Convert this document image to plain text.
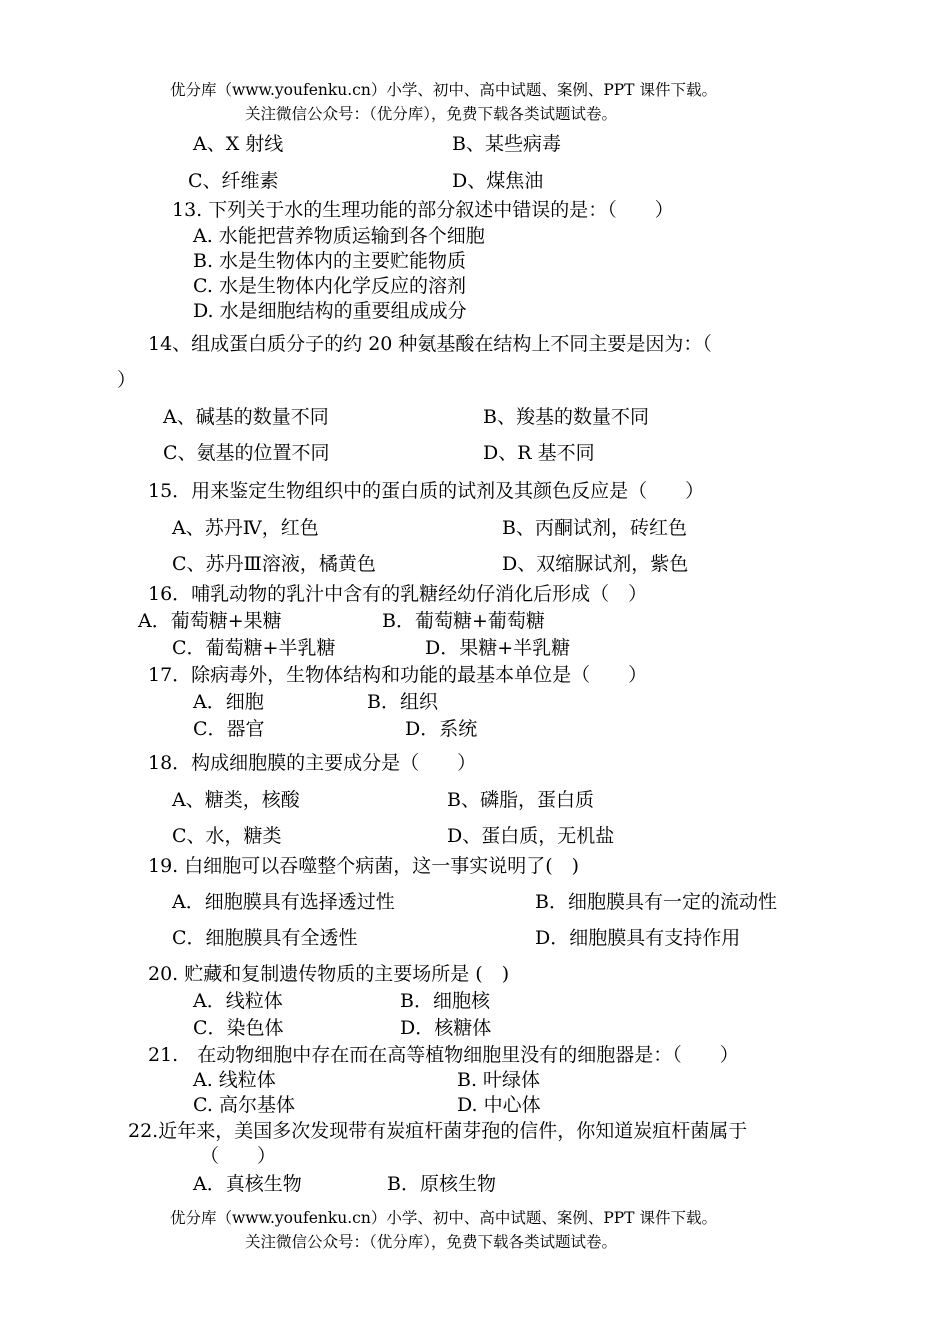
优分库（www.youfenku.cn）小学、初中、高中试题、案例、PPT 课件下载。
关注微信公众号：（优分库），免费下载各类试题试卷。
A、X 射线	B、某些病毒
C、纤维素	D、煤焦油
13. 下列关于水的生理功能的部分叙述中错误的是：（　　）
A. 水能把营养物质运输到各个细胞
B. 水是生物体内的主要贮能物质
C. 水是生物体内化学反应的溶剂
D. 水是细胞结构的重要组成成分
14、组成蛋白质分子的约 20 种氨基酸在结构上不同主要是因为：（
）
A、碱基的数量不同	B、羧基的数量不同
C、氨基的位置不同	D、R 基不同
15．用来鉴定生物组织中的蛋白质的试剂及其颜色反应是（　　）
A、苏丹Ⅳ，红色	B、丙酮试剂，砖红色
C、苏丹Ⅲ溶液，橘黄色	D、双缩脲试剂，紫色
16．哺乳动物的乳汁中含有的乳糖经幼仔消化后形成（　）
A．葡萄糖+果糖	B．葡萄糖+葡萄糖
C．葡萄糖+半乳糖	D．果糖+半乳糖
17．除病毒外，生物体结构和功能的最基本单位是（　　）
A．细胞	B．组织
C．器官	D．系统
18．构成细胞膜的主要成分是（　　）
A、糖类，核酸	B、磷脂，蛋白质
C、水，糖类	D、蛋白质，无机盐
19. 白细胞可以吞噬整个病菌，这一事实说明了(　)
A．细胞膜具有选择透过性	B．细胞膜具有一定的流动性
C．细胞膜具有全透性	D．细胞膜具有支持作用
20. 贮藏和复制遗传物质的主要场所是 (　)
A．线粒体	B．细胞核
C．染色体	D．核糖体
21.　在动物细胞中存在而在高等植物细胞里没有的细胞器是：（　　）
A. 线粒体	B. 叶绿体
C. 高尔基体	D. 中心体
22.近年来，美国多次发现带有炭疽杆菌芽孢的信件，你知道炭疽杆菌属于
（　　）
A．真核生物	B．原核生物
优分库（www.youfenku.cn）小学、初中、高中试题、案例、PPT 课件下载。
关注微信公众号：（优分库），免费下载各类试题试卷。
